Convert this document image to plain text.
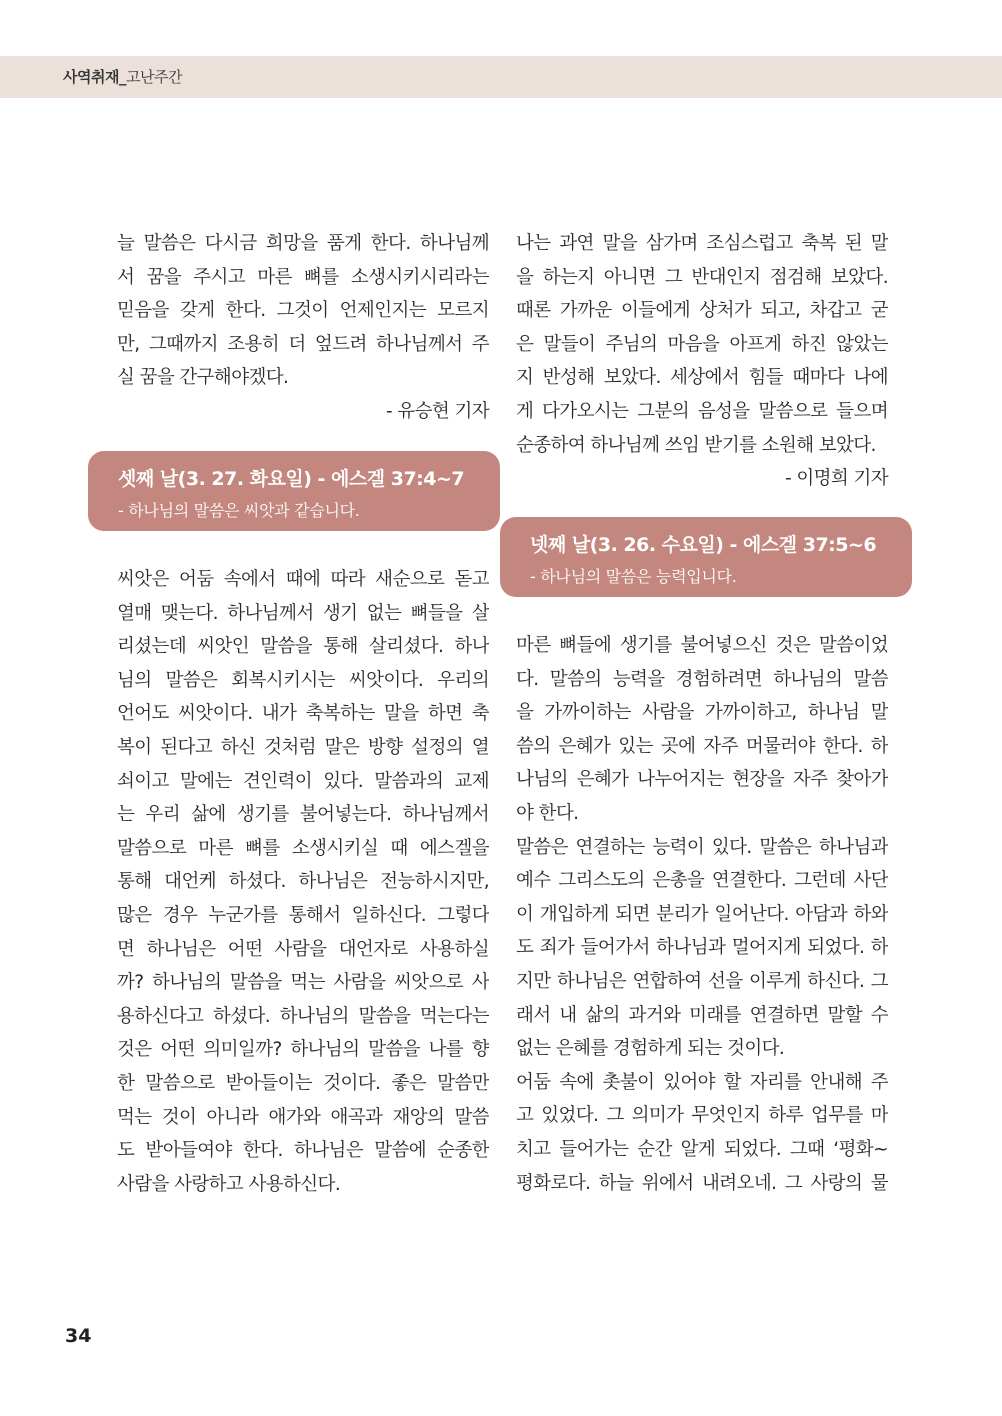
사역취재_고난주간

늘 말씀은 다시금 희망을 품게 한다. 하나님께
서 꿈을 주시고 마른 뼈를 소생시키시리라는
믿음을 갖게 한다. 그것이 언제인지는 모르지
만, 그때까지 조용히 더 엎드려 하나님께서 주
실 꿈을 간구해야겠다.

- 유승현 기자
셋째 날(3. 27. 화요일) - 에스겔 37:4~7
- 하나님의 말씀은 씨앗과 같습니다.

씨앗은 어둠 속에서 때에 따라 새순으로 돋고
열매 맺는다. 하나님께서 생기 없는 뼈들을 살
리셨는데 씨앗인 말씀을 통해 살리셨다. 하나
님의 말씀은 회복시키시는 씨앗이다. 우리의
언어도 씨앗이다. 내가 축복하는 말을 하면 축
복이 된다고 하신 것처럼 말은 방향 설정의 열
쇠이고 말에는 견인력이 있다. 말씀과의 교제
는 우리 삶에 생기를 불어넣는다. 하나님께서
말씀으로 마른 뼈를 소생시키실 때 에스겔을
통해 대언케 하셨다. 하나님은 전능하시지만,
많은 경우 누군가를 통해서 일하신다. 그렇다
면 하나님은 어떤 사람을 대언자로 사용하실
까? 하나님의 말씀을 먹는 사람을 씨앗으로 사
용하신다고 하셨다. 하나님의 말씀을 먹는다는
것은 어떤 의미일까? 하나님의 말씀을 나를 향
한 말씀으로 받아들이는 것이다. 좋은 말씀만
먹는 것이 아니라 애가와 애곡과 재앙의 말씀
도 받아들여야 한다. 하나님은 말씀에 순종한
사람을 사랑하고 사용하신다.

나는 과연 말을 삼가며 조심스럽고 축복 된 말
을 하는지 아니면 그 반대인지 점검해 보았다.
때론 가까운 이들에게 상처가 되고, 차갑고 굳
은 말들이 주님의 마음을 아프게 하진 않았는
지 반성해 보았다. 세상에서 힘들 때마다 나에
게 다가오시는 그분의 음성을 말씀으로 들으며
순종하여 하나님께 쓰임 받기를 소원해 보았다.

- 이명희 기자
넷째 날(3. 26. 수요일) - 에스겔 37:5~6
- 하나님의 말씀은 능력입니다.

마른 뼈들에 생기를 불어넣으신 것은 말씀이었
다. 말씀의 능력을 경험하려면 하나님의 말씀
을 가까이하는 사람을 가까이하고, 하나님 말
씀의 은혜가 있는 곳에 자주 머물러야 한다. 하
나님의 은혜가 나누어지는 현장을 자주 찾아가
야 한다.

말씀은 연결하는 능력이 있다. 말씀은 하나님과
예수 그리스도의 은총을 연결한다. 그런데 사단
이 개입하게 되면 분리가 일어난다. 아담과 하와
도 죄가 들어가서 하나님과 멀어지게 되었다. 하
지만 하나님은 연합하여 선을 이루게 하신다. 그
래서 내 삶의 과거와 미래를 연결하면 말할 수
없는 은혜를 경험하게 되는 것이다.

어둠 속에 촛불이 있어야 할 자리를 안내해 주
고 있었다. 그 의미가 무엇인지 하루 업무를 마
치고 들어가는 순간 알게 되었다. 그때 ‘평화~
평화로다. 하늘 위에서 내려오네. 그 사랑의 물

34
